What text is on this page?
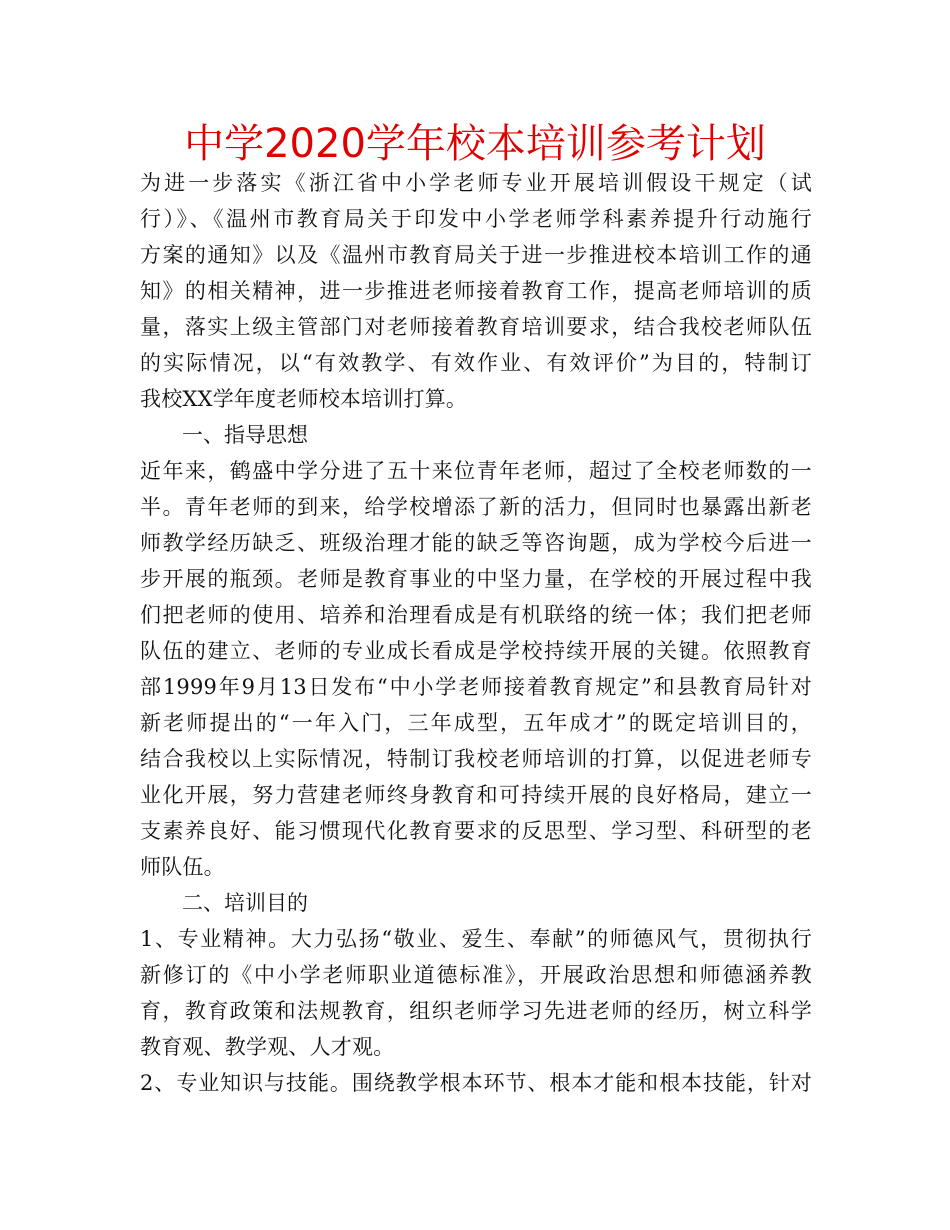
中学2020学年校本培训参考计划
为进一步落实《浙江省中小学老师专业开展培训假设干规定（试
行）》、《温州市教育局关于印发中小学老师学科素养提升行动施行
方案的通知》以及《温州市教育局关于进一步推进校本培训工作的通
知》的相关精神，进一步推进老师接着教育工作，提高老师培训的质
量，落实上级主管部门对老师接着教育培训要求，结合我校老师队伍
的实际情况，以“有效教学、有效作业、有效评价”为目的，特制订
我校XX学年度老师校本培训打算。
一、指导思想
近年来，鹤盛中学分进了五十来位青年老师，超过了全校老师数的一
半。青年老师的到来，给学校增添了新的活力，但同时也暴露出新老
师教学经历缺乏、班级治理才能的缺乏等咨询题，成为学校今后进一
步开展的瓶颈。老师是教育事业的中坚力量，在学校的开展过程中我
们把老师的使用、培养和治理看成是有机联络的统一体；我们把老师
队伍的建立、老师的专业成长看成是学校持续开展的关键。依照教育
部1999年9月13日发布“中小学老师接着教育规定”和县教育局针对
新老师提出的“一年入门，三年成型，五年成才”的既定培训目的，
结合我校以上实际情况，特制订我校老师培训的打算，以促进老师专
业化开展，努力营建老师终身教育和可持续开展的良好格局，建立一
支素养良好、能习惯现代化教育要求的反思型、学习型、科研型的老
师队伍。
二、培训目的
1、专业精神。大力弘扬“敬业、爱生、奉献”的师德风气，贯彻执行
新修订的《中小学老师职业道德标准》，开展政治思想和师德涵养教
育，教育政策和法规教育，组织老师学习先进老师的经历，树立科学
教育观、教学观、人才观。
2、专业知识与技能。围绕教学根本环节、根本才能和根本技能，针对
